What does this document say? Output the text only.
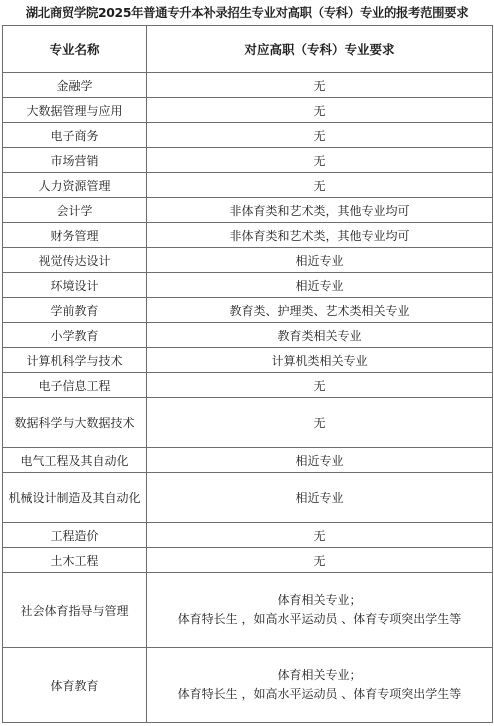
湖北商贸学院2025年普通专升本补录招生专业对高职（专科）专业的报考范围要求
专业名称	对应高职（专科）专业要求
金融学	无
大数据管理与应用	无
电子商务	无
市场营销	无
人力资源管理	无
会计学	非体育类和艺术类，其他专业均可
财务管理	非体育类和艺术类，其他专业均可
视觉传达设计	相近专业
环境设计	相近专业
学前教育	教育类、护理类、艺术类相关专业
小学教育	教育类相关专业
计算机科学与技术	计算机类相关专业
电子信息工程	无
数据科学与大数据技术	无
电气工程及其自动化	相近专业
机械设计制造及其自动化	相近专业
工程造价	无
土木工程	无
社会体育指导与管理	体育相关专业；
体育特长生 ，如高水平运动员 、体育专项突出学生等

体育教育	体育相关专业；
体育特长生 ，如高水平运动员 、体育专项突出学生等
